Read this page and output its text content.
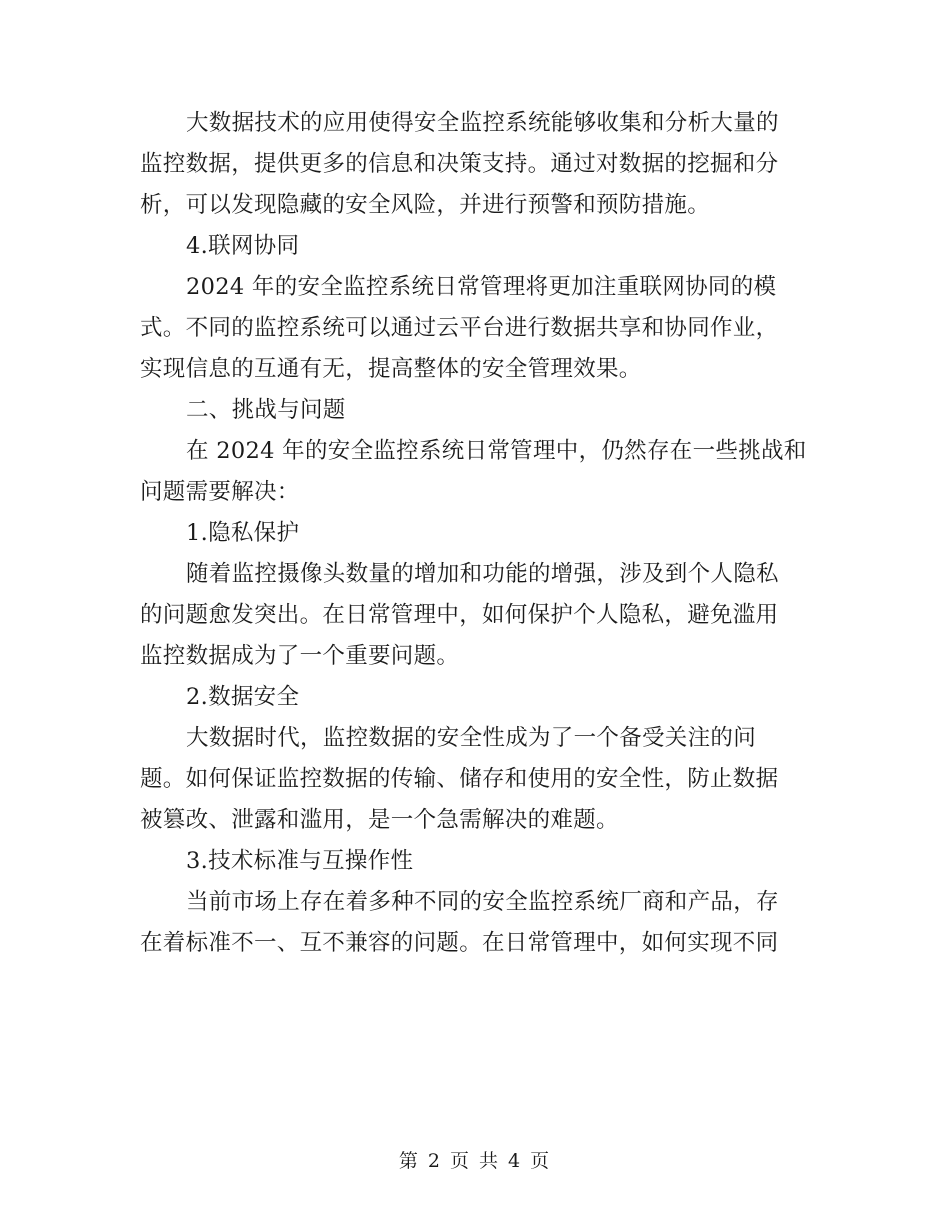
大数据技术的应用使得安全监控系统能够收集和分析大量的
监控数据，提供更多的信息和决策支持。通过对数据的挖掘和分
析，可以发现隐藏的安全风险，并进行预警和预防措施。
4.联网协同
2024 年的安全监控系统日常管理将更加注重联网协同的模
式。不同的监控系统可以通过云平台进行数据共享和协同作业，
实现信息的互通有无，提高整体的安全管理效果。
二、挑战与问题
在 2024 年的安全监控系统日常管理中，仍然存在一些挑战和
问题需要解决：
1.隐私保护
随着监控摄像头数量的增加和功能的增强，涉及到个人隐私
的问题愈发突出。在日常管理中，如何保护个人隐私，避免滥用
监控数据成为了一个重要问题。
2.数据安全
大数据时代，监控数据的安全性成为了一个备受关注的问
题。如何保证监控数据的传输、储存和使用的安全性，防止数据
被篡改、泄露和滥用，是一个急需解决的难题。
3.技术标准与互操作性
当前市场上存在着多种不同的安全监控系统厂商和产品，存
在着标准不一、互不兼容的问题。在日常管理中，如何实现不同
第 2 页 共 4 页
